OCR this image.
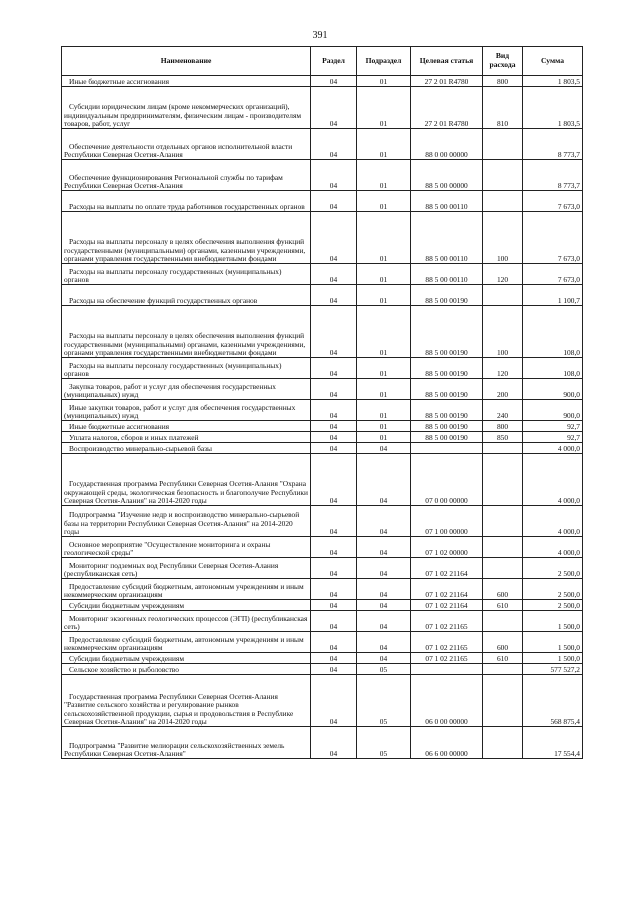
391
Наименование	Раздел	Подраздел	Целевая статья	Вид расхода	Сумма
Иные бюджетные ассигнования	04	01	27 2 01 R4780	800	1 803,5
Субсидии юридическим лицам (кроме некоммерческих организаций), индивидуальным предпринимателям, физическим лицам - производителям товаров, работ, услуг	04	01	27 2 01 R4780	810	1 803,5
Обеспечение деятельности отдельных органов исполнительной власти Республики Северная Осетия-Алания	04	01	88 0 00 00000		8 773,7
Обеспечение функционирования Региональной службы по тарифам Республики Северная Осетия-Алания	04	01	88 5 00 00000		8 773,7
Расходы на выплаты по оплате труда работников государственных органов	04	01	88 5 00 00110		7 673,0
Расходы на выплаты персоналу в целях обеспечения выполнения функций государственными (муниципальными) органами, казенными учреждениями, органами управления государственными внебюджетными фондами	04	01	88 5 00 00110	100	7 673,0
Расходы на выплаты персоналу государственных (муниципальных) органов	04	01	88 5 00 00110	120	7 673,0
Расходы на обеспечение функций государственных органов	04	01	88 5 00 00190		1 100,7
Расходы на выплаты персоналу в целях обеспечения выполнения функций государственными (муниципальными) органами, казенными учреждениями, органами управления государственными внебюджетными фондами	04	01	88 5 00 00190	100	108,0
Расходы на выплаты персоналу государственных (муниципальных) органов	04	01	88 5 00 00190	120	108,0
Закупка товаров, работ и услуг для обеспечения государственных (муниципальных) нужд	04	01	88 5 00 00190	200	900,0
Иные закупки товаров, работ и услуг для обеспечения государственных (муниципальных) нужд	04	01	88 5 00 00190	240	900,0
Иные бюджетные ассигнования	04	01	88 5 00 00190	800	92,7
Уплата налогов, сборов и иных платежей	04	01	88 5 00 00190	850	92,7
Воспроизводство минерально-сырьевой базы	04	04			4 000,0
Государственная программа Республики Северная Осетия-Алания "Охрана окружающей среды, экологическая безопасность и благополучие Республики Северная Осетия-Алания" на 2014-2020 годы	04	04	07 0 00 00000		4 000,0
Подпрограмма "Изучение недр и воспроизводство минерально-сырьевой базы на территории Республики Северная Осетия-Алания" на 2014-2020 годы	04	04	07 1 00 00000		4 000,0
Основное мероприятие "Осуществление мониторинга и охраны геологической среды"	04	04	07 1 02 00000		4 000,0
Мониторинг подземных вод Республики Северная Осетия-Алания (республиканская сеть)	04	04	07 1 02 21164		2 500,0
Предоставление субсидий бюджетным, автономным учреждениям и иным некоммерческим организациям	04	04	07 1 02 21164	600	2 500,0
Субсидии бюджетным учреждениям	04	04	07 1 02 21164	610	2 500,0
Мониторинг экзогенных геологических процессов (ЭГП) (республиканская сеть)	04	04	07 1 02 21165		1 500,0
Предоставление субсидий бюджетным, автономным учреждениям и иным некоммерческим организациям	04	04	07 1 02 21165	600	1 500,0
Субсидии бюджетным учреждениям	04	04	07 1 02 21165	610	1 500,0
Сельское хозяйство и рыболовство	04	05			577 527,2
Государственная программа Республики Северная Осетия-Алания "Развитие сельского хозяйства и регулирование рынков сельскохозяйственной продукции, сырья и продовольствия в Республике Северная Осетия-Алания" на 2014-2020 годы	04	05	06 0 00 00000		568 875,4
Подпрограмма "Развитие мелиорации сельскохозяйственных земель Республики Северная Осетия-Алания"	04	05	06 6 00 00000		17 554,4
